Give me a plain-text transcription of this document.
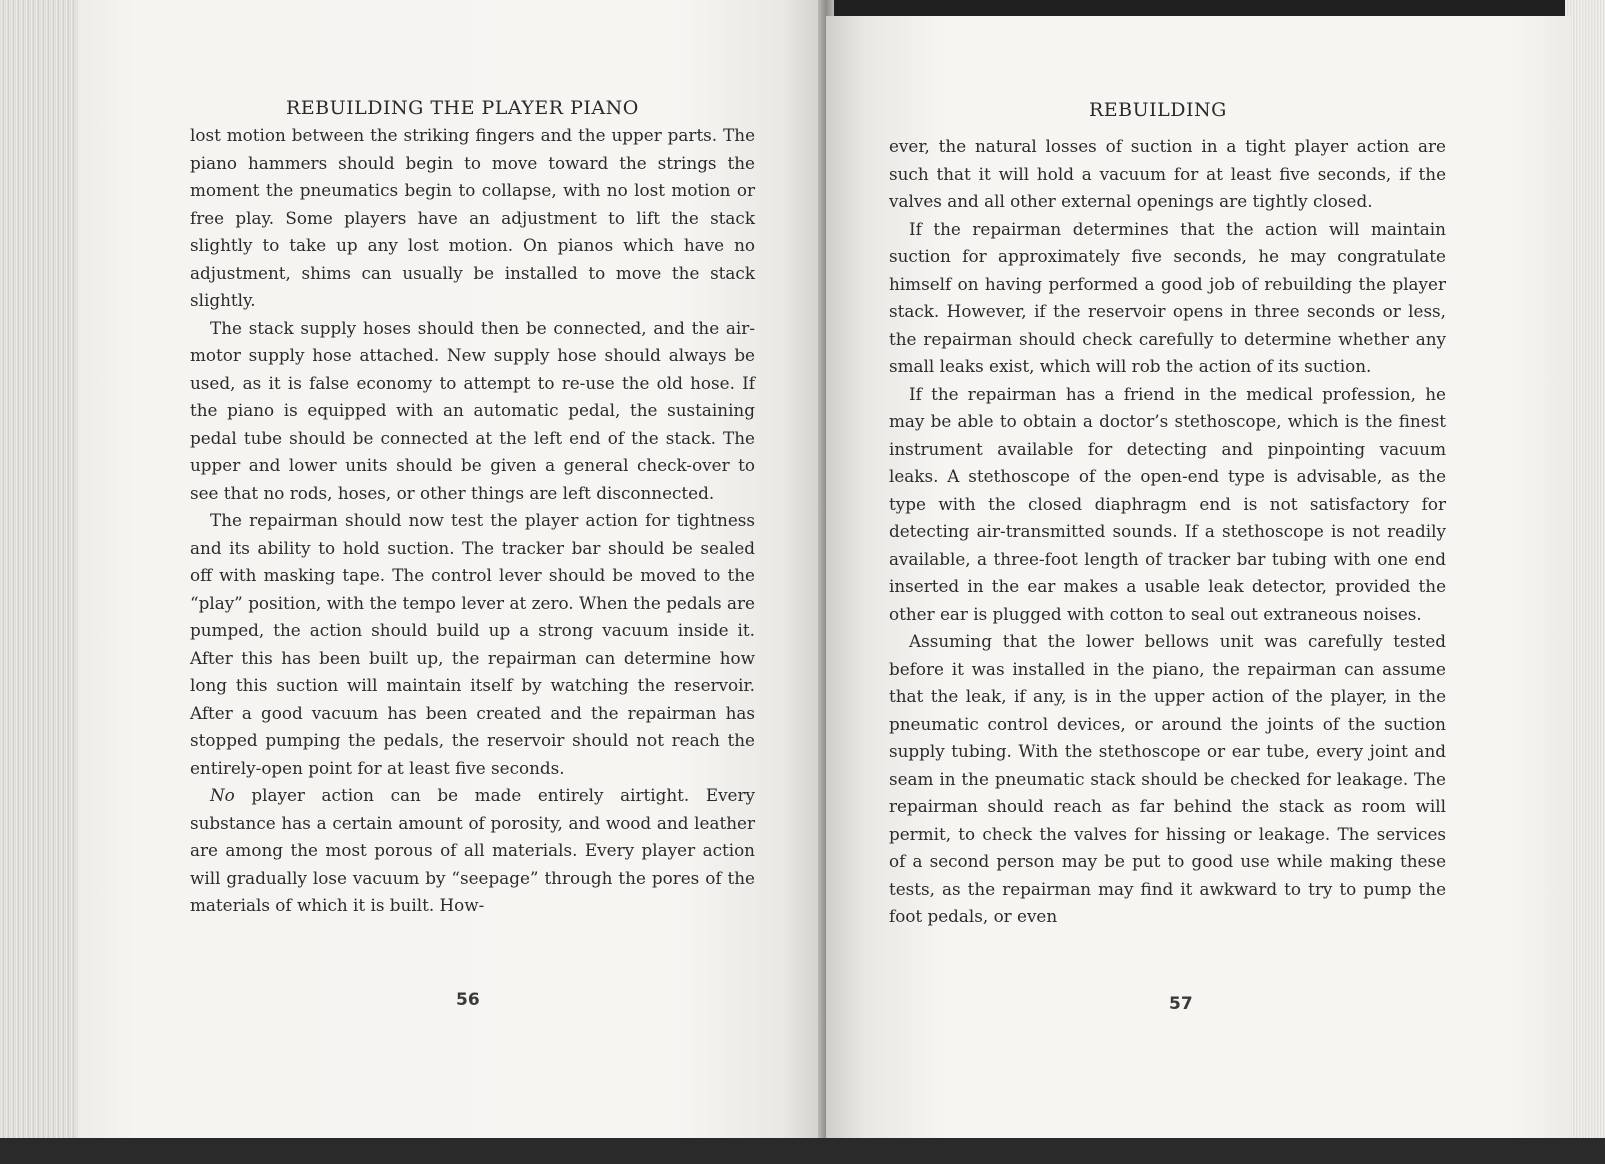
REBUILDING THE PLAYER PIANO

lost motion between the striking fingers and the upper parts. The piano hammers should begin to move toward the strings the moment the pneumatics begin to collapse, with no lost motion or free play. Some players have an adjustment to lift the stack slightly to take up any lost motion. On pianos which have no adjustment, shims can usually be installed to move the stack slightly.

The stack supply hoses should then be connected, and the air-motor supply hose attached. New supply hose should always be used, as it is false economy to attempt to re-use the old hose. If the piano is equipped with an automatic pedal, the sustaining pedal tube should be connected at the left end of the stack. The upper and lower units should be given a general check-over to see that no rods, hoses, or other things are left disconnected.

The repairman should now test the player action for tightness and its ability to hold suction. The tracker bar should be sealed off with masking tape. The control lever should be moved to the “play” position, with the tempo lever at zero. When the pedals are pumped, the action should build up a strong vacuum inside it. After this has been built up, the repairman can determine how long this suction will maintain itself by watching the reservoir. After a good vacuum has been created and the repairman has stopped pumping the pedals, the reservoir should not reach the entirely-open point for at least five seconds.

No player action can be made entirely airtight. Every substance has a certain amount of porosity, and wood and leather are among the most porous of all materials. Every player action will gradually lose vacuum by “seepage” through the pores of the materials of which it is built. How-

56
REBUILDING

ever, the natural losses of suction in a tight player action are such that it will hold a vacuum for at least five seconds, if the valves and all other external openings are tightly closed.

If the repairman determines that the action will maintain suction for approximately five seconds, he may congratulate himself on having performed a good job of rebuilding the player stack. However, if the reservoir opens in three seconds or less, the repairman should check carefully to determine whether any small leaks exist, which will rob the action of its suction.

If the repairman has a friend in the medical profession, he may be able to obtain a doctor’s stethoscope, which is the finest instrument available for detecting and pinpointing vacuum leaks. A stethoscope of the open-end type is advisable, as the type with the closed diaphragm end is not satisfactory for detecting air-transmitted sounds. If a stethoscope is not readily available, a three-foot length of tracker bar tubing with one end inserted in the ear makes a usable leak detector, provided the other ear is plugged with cotton to seal out extraneous noises.

Assuming that the lower bellows unit was carefully tested before it was installed in the piano, the repairman can assume that the leak, if any, is in the upper action of the player, in the pneumatic control devices, or around the joints of the suction supply tubing. With the stethoscope or ear tube, every joint and seam in the pneumatic stack should be checked for leakage. The repairman should reach as far behind the stack as room will permit, to check the valves for hissing or leakage. The services of a second person may be put to good use while making these tests, as the repairman may find it awkward to try to pump the foot pedals, or even

57
